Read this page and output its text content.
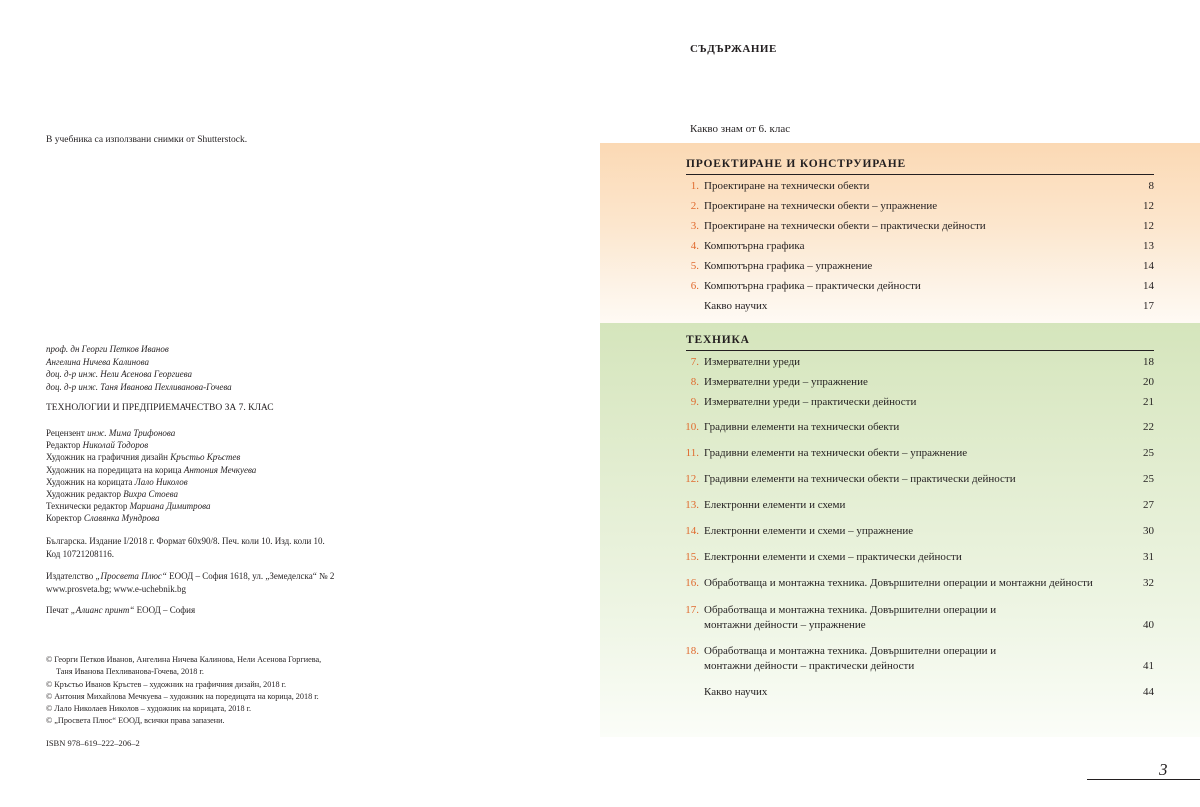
В учебника са използвани снимки от Shutterstock.
проф. дн Георги Петков Иванов
Ангелина Ничева Калинова
доц. д-р инж. Нели Асенова Георгиева
доц. д-р инж. Таня Иванова Пехливанова-Гочева
ТЕХНОЛОГИИ И ПРЕДПРИЕМАЧЕСТВО ЗА 7. КЛАС
Рецензент инж. Мима Трифонова
Редактор Николай Тодоров
Художник на графичния дизайн Кръстьо Кръстев
Художник на поредицата на корица Антония Мечкуева
Художник на корицата Лало Николов
Художник редактор Вихра Стоева
Технически редактор Мариана Димитрова
Коректор Славянка Мундрова
Българска. Издание I/2018 г. Формат 60х90/8. Печ. коли 10. Изд. коли 10.
Код 10721208116.
Издателство „Просвета Плюс“ ЕООД – София 1618, ул. „Земеделска“ № 2
www.prosveta.bg; www.e-uchebnik.bg
Печат „Алианс принт“ ЕООД – София
© Георги Петков Иванов, Ангелина Ничева Калинова, Нели Асенова Горгиева,
Таня Иванова Пехливанова-Гочева, 2018 г.
© Кръстьо Иванов Кръстев – художник на графичния дизайн, 2018 г.
© Антония Михайлова Мечкуева – художник на поредицата на корица, 2018 г.
© Лало Николаев Николов – художник на корицата, 2018 г.
© „Просвета Плюс“ ЕООД, всички права запазени.
ISBN 978–619–222–206–2
СЪДЪРЖАНИЕ
Какво знам от 6. клас
ПРОЕКТИРАНЕ И КОНСТРУИРАНЕ
1. Проектиране на технически обекти	8
2. Проектиране на технически обекти – упражнение	12
3. Проектиране на технически обекти – практически дейности	12
4. Компютърна графика	13
5. Компютърна графика – упражнение	14
6. Компютърна графика – практически дейности	14
Какво научих	17
ТЕХНИКА
7. Измервателни уреди	18
8. Измервателни уреди – упражнение	20
9. Измервателни уреди – практически дейности	21
10. Градивни елементи на технически обекти	22
11. Градивни елементи на технически обекти – упражнение	25
12. Градивни елементи на технически обекти – практически дейности	25
13. Електронни елементи и схеми	27
14. Електронни елементи и схеми – упражнение	30
15. Електронни елементи и схеми – практически дейности	31
16. Обработваща и монтажна техника. Довършителни операции и монтажни дейности	32
17. Обработваща и монтажна техника. Довършителни операции и
монтажни дейности – упражнение	40
18. Обработваща и монтажна техника. Довършителни операции и
монтажни дейности – практически дейности	41
Какво научих	44
3
